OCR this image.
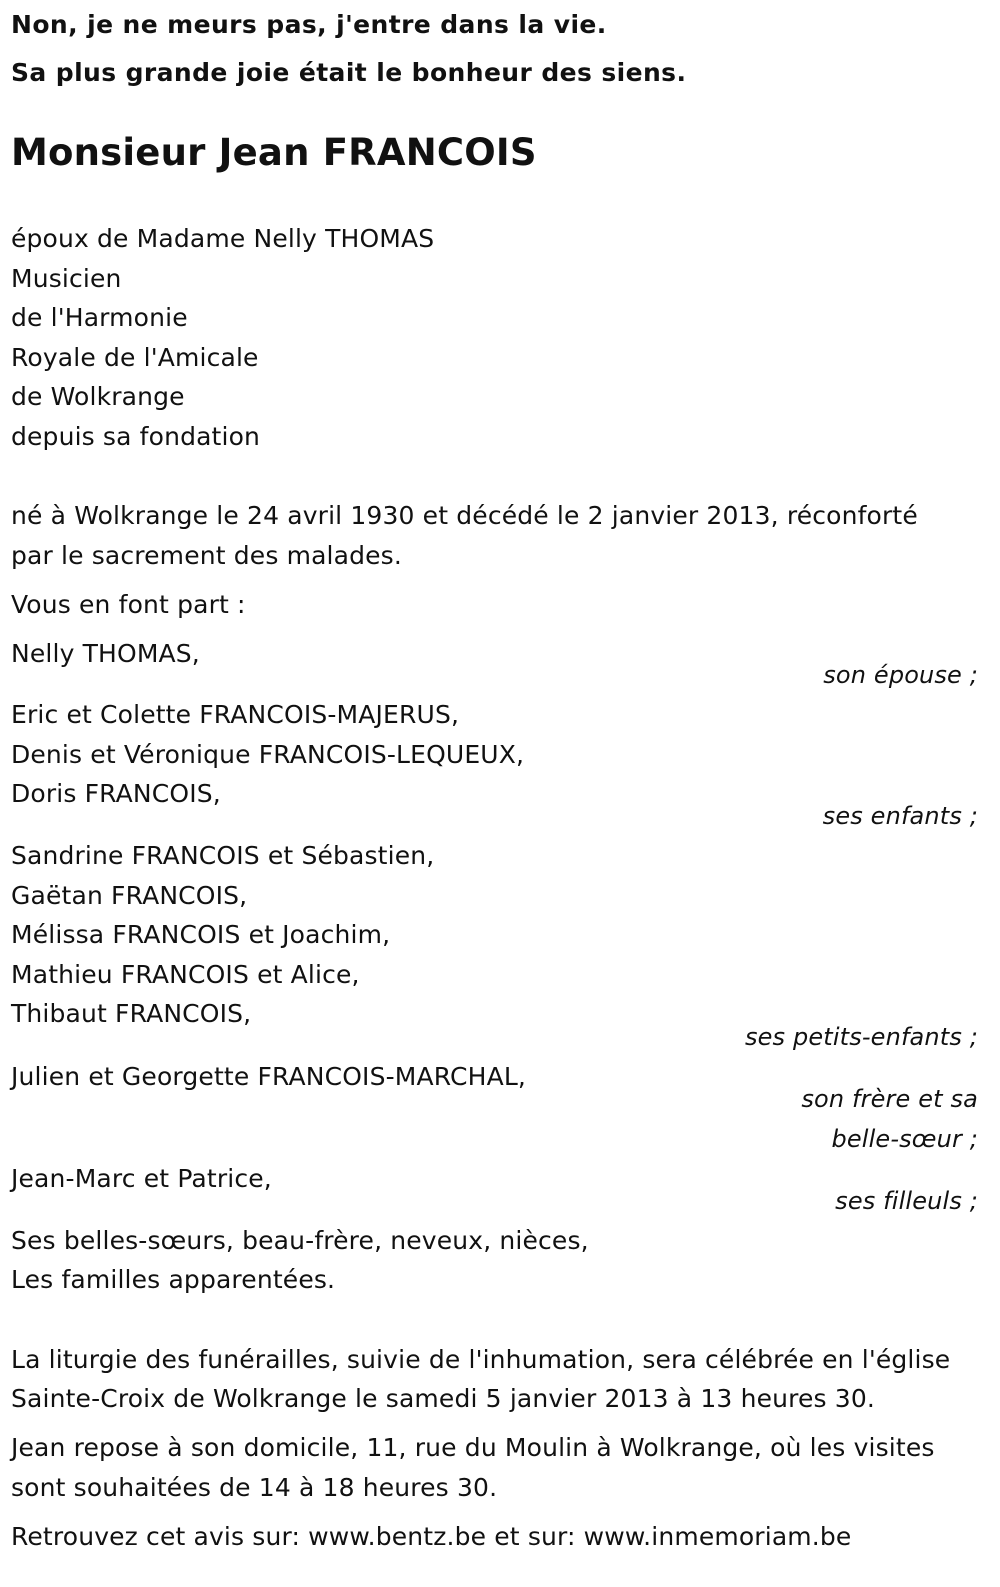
Non, je ne meurs pas, j'entre dans la vie.
Sa plus grande joie était le bonheur des siens.
Monsieur Jean FRANCOIS
époux de Madame Nelly THOMAS
Musicien
de l'Harmonie
Royale de l'Amicale
de Wolkrange
depuis sa fondation
né à Wolkrange le 24 avril 1930 et décédé le 2 janvier 2013, réconforté
par le sacrement des malades.
Vous en font part :
Nelly THOMAS,
son épouse ;
Eric et Colette FRANCOIS-MAJERUS,
Denis et Véronique FRANCOIS-LEQUEUX,
Doris FRANCOIS,
ses enfants ;
Sandrine FRANCOIS et Sébastien,
Gaëtan FRANCOIS,
Mélissa FRANCOIS et Joachim,
Mathieu FRANCOIS et Alice,
Thibaut FRANCOIS,
ses petits-enfants ;
Julien et Georgette FRANCOIS-MARCHAL,
son frère et sa
belle-sœur ;
Jean-Marc et Patrice,
ses filleuls ;
Ses belles-sœurs, beau-frère, neveux, nièces,
Les familles apparentées.
La liturgie des funérailles, suivie de l'inhumation, sera célébrée en l'église
Sainte-Croix de Wolkrange le samedi 5 janvier 2013 à 13 heures 30.
Jean repose à son domicile, 11, rue du Moulin à Wolkrange, où les visites
sont souhaitées de 14 à 18 heures 30.
Retrouvez cet avis sur: www.bentz.be et sur: www.inmemoriam.be
